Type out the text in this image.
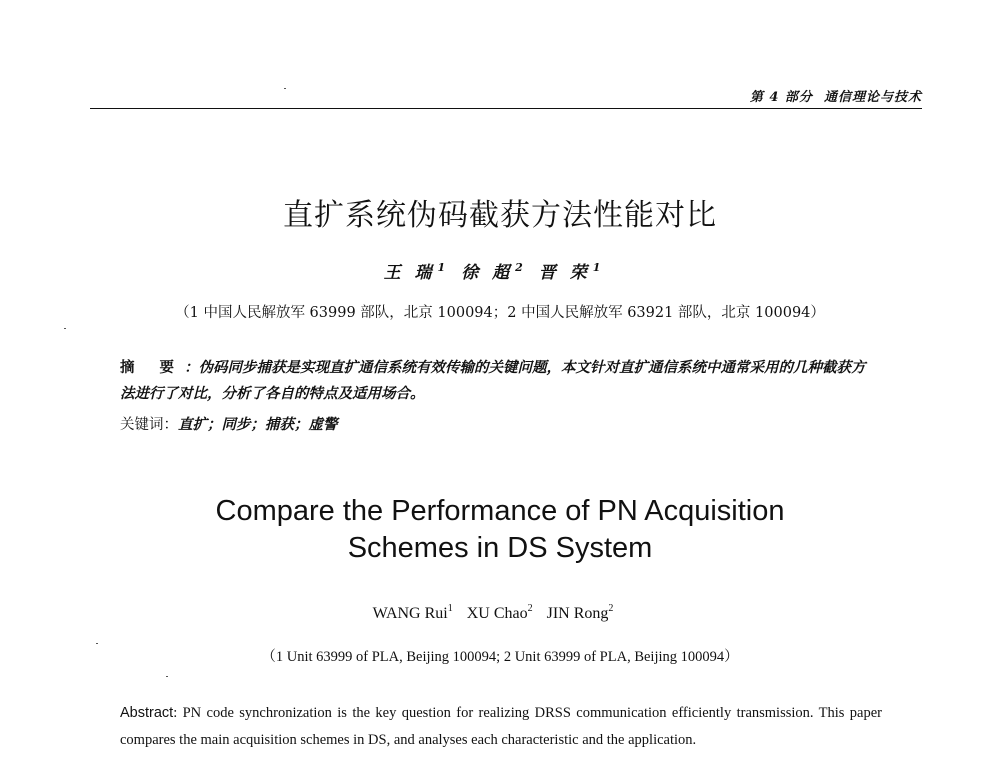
第 4 部分 通信理论与技术
直扩系统伪码截获方法性能对比
王 瑞 $^1$ 徐 超 $^2$ 晋 荣 $^1$
（1 中国人民解放军 63999 部队，北京 100094；2 中国人民解放军 63921 部队，北京 100094）
摘 要：伪码同步捕获是实现直扩通信系统有效传输的关键问题，本文针对直扩通信系统中通常采用的几种截获方法进行了对比，分析了各自的特点及适用场合。
关键词：直扩；同步；捕获；虚警
Compare the Performance of PN Acquisition
Schemes in DS System
WANG Rui$^1$ XU Chao$^2$ JIN Rong$^2$
（1 Unit 63999 of PLA, Beijing 100094; 2 Unit 63999 of PLA, Beijing 100094）
Abstract: PN code synchronization is the key question for realizing DRSS communication efficiently transmission. This paper compares the main acquisition schemes in DS, and analyses each characteristic and the application.
